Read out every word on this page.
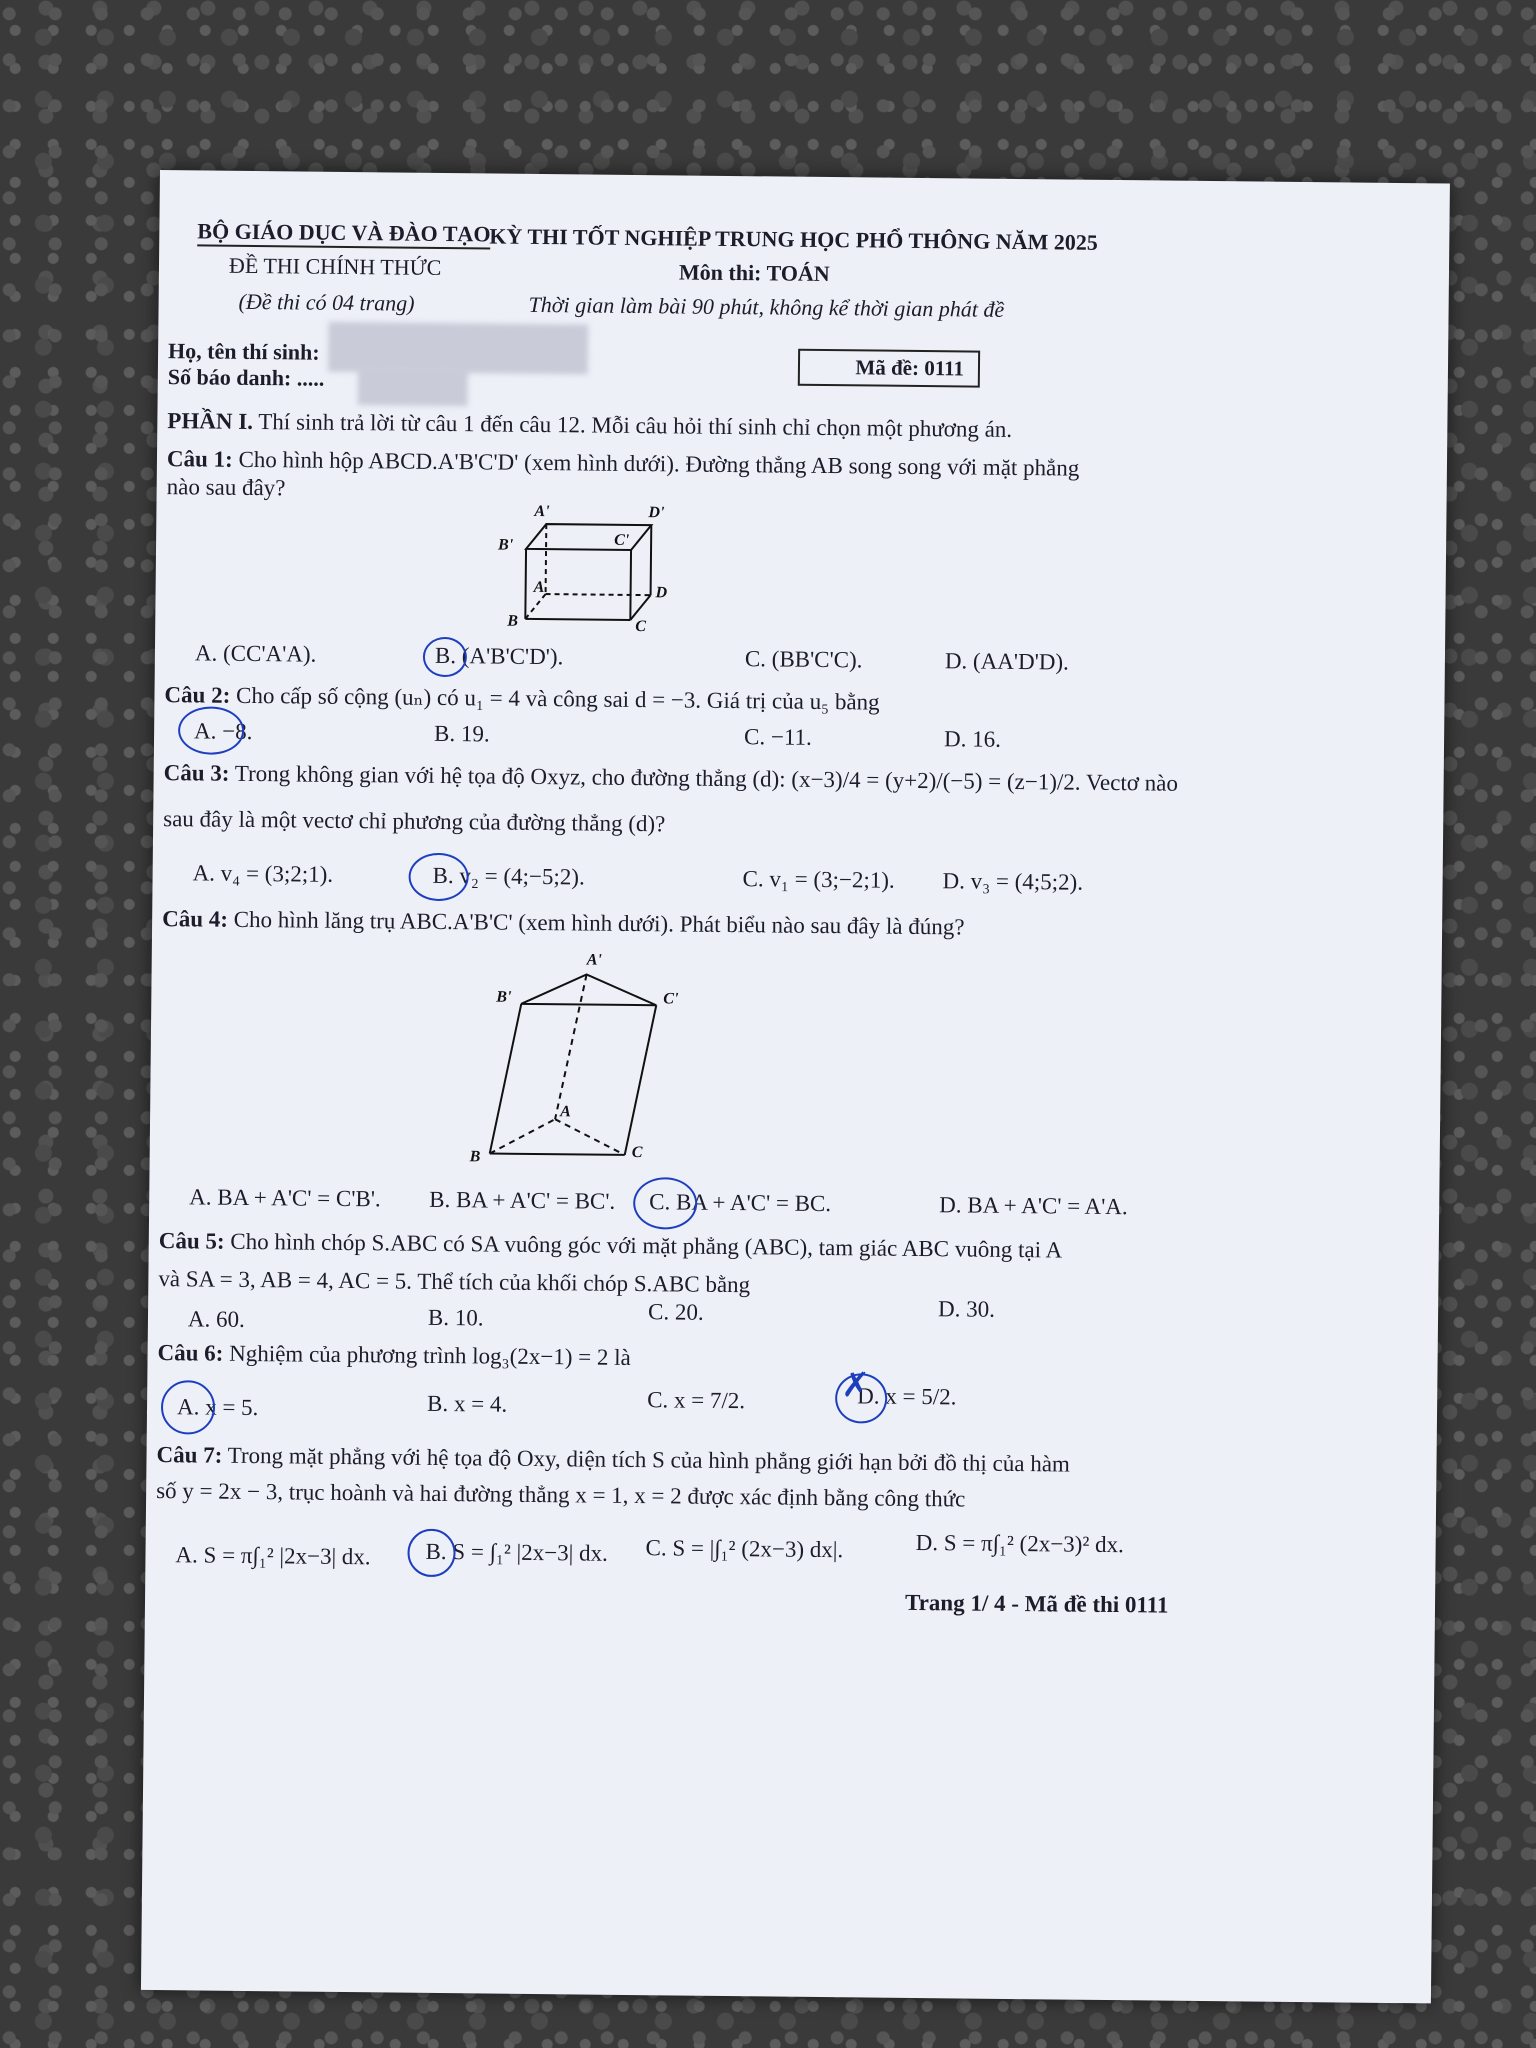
BỘ GIÁO DỤC VÀ ĐÀO TẠO
ĐỀ THI CHÍNH THỨC
(Đề thi có 04 trang)
KỲ THI TỐT NGHIỆP TRUNG HỌC PHỔ THÔNG NĂM 2025
Môn thi: TOÁN
Thời gian làm bài 90 phút, không kể thời gian phát đề
Họ, tên thí sinh:
Số báo danh: .....	Mã đề: 0111
PHẦN I. Thí sinh trả lời từ câu 1 đến câu 12. Mỗi câu hỏi thí sinh chỉ chọn một phương án.
Câu 1: Cho hình hộp ABCD.A'B'C'D' (xem hình dưới). Đường thẳng AB song song với mặt phẳng
nào sau đây?
A'	D'
B'	C'
A	D
B	C
A. (CC'A'A).	B. (A'B'C'D').	C. (BB'C'C).	D. (AA'D'D).
Câu 2: Cho cấp số cộng (uₙ) có u₁ = 4 và công sai d = −3. Giá trị của u₅ bằng
A. −8.	B. 19.	C. −11.	D. 16.
Câu 3: Trong không gian với hệ tọa độ Oxyz, cho đường thẳng (d): (x−3)/4 = (y+2)/(−5) = (z−1)/2. Vectơ nào
sau đây là một vectơ chỉ phương của đường thẳng (d)?
A. v₄ = (3;2;1).	B. v₂ = (4;−5;2).	C. v₁ = (3;−2;1). D. v₃ = (4;5;2).
Câu 4: Cho hình lăng trụ ABC.A'B'C' (xem hình dưới). Phát biểu nào sau đây là đúng?
A'
B'	C'
A
B	C
A. BA + A'C' = C'B'. B. BA + A'C' = BC'. C. BA + A'C' = BC.	D. BA + A'C' = A'A.
Câu 5: Cho hình chóp S.ABC có SA vuông góc với mặt phẳng (ABC), tam giác ABC vuông tại A
và SA = 3, AB = 4, AC = 5. Thể tích của khối chóp S.ABC bằng
A. 60.	B. 10.	C. 20.	D. 30.
Câu 6: Nghiệm của phương trình log₃(2x−1) = 2 là
A. x = 5.	B. x = 4.	C. x = 7/2.	D. x = 5/2.
✗
Câu 7: Trong mặt phẳng với hệ tọa độ Oxy, diện tích S của hình phẳng giới hạn bởi đồ thị của hàm
số y = 2x − 3, trục hoành và hai đường thẳng x = 1, x = 2 được xác định bằng công thức
A. S = π∫₁² |2x−3| dx. B. S = ∫₁² |2x−3| dx. C. S = |∫₁² (2x−3) dx|.	D. S = π∫₁² (2x−3)² dx.
Trang 1/ 4 - Mã đề thi 0111
